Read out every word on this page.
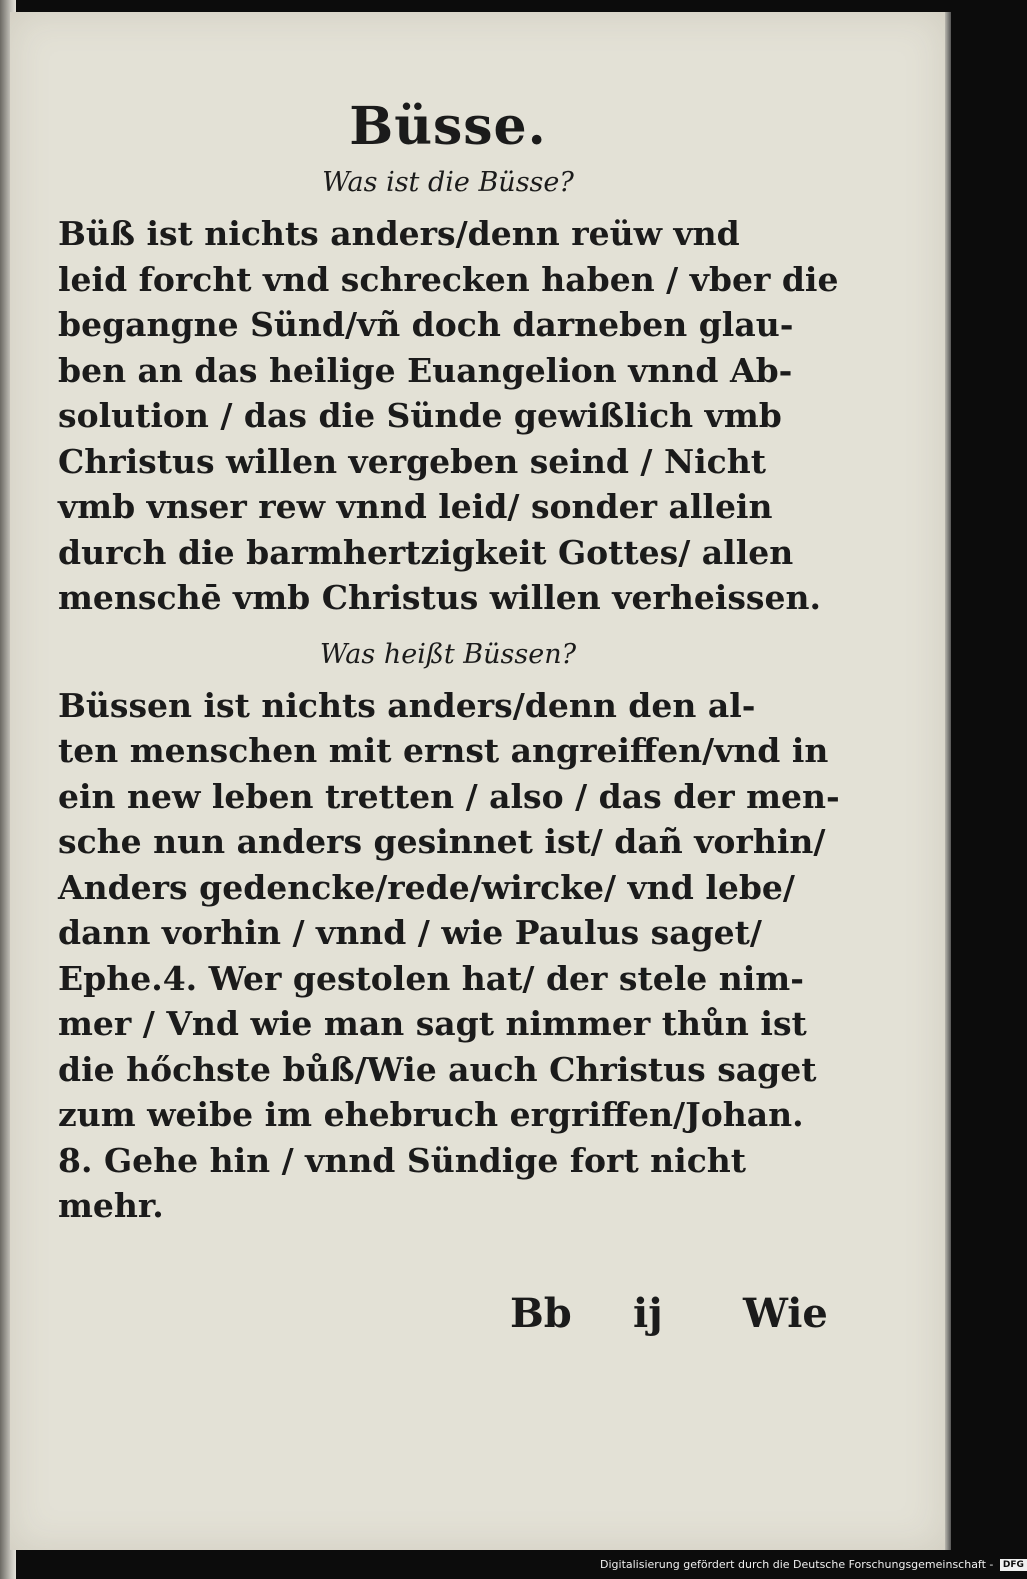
Büsse.

Was ist die Büsse?

Büß ist nichts anders/denn reüw vnd

leid forcht vnd schrecken haben / vber die

begangne Sünd/vñ doch darneben glau‐

ben an das heilige Euangelion vnnd Ab‐

solution / das die Sünde gewißlich vmb

Christus willen vergeben seind / Nicht

vmb vnser rew vnnd leid/ sonder allein

durch die barmhertzigkeit Gottes/ allen

menschē vmb Christus willen verheissen.

Was heißt Büssen?

Büssen ist nichts anders/denn den al‐

ten menschen mit ernst angreiffen/vnd in

ein new leben tretten / also / das der men‐

sche nun anders gesinnet ist/ dañ vorhin/

Anders gedencke/rede/wircke/ vnd lebe/

dann vorhin / vnnd / wie Paulus saget/

Ephe.4. Wer gestolen hat/ der stele nim‐

mer / Vnd wie man sagt nimmer thůn ist

die hőchste bůß/Wie auch Christus saget

zum weibe im ehebruch ergriffen/Johan.

8. Gehe hin / vnnd Sündige fort nicht

mehr.

Bb ij Wie
Digitalisierung gefördert durch die Deutsche Forschungsgemeinschaft - DFG
